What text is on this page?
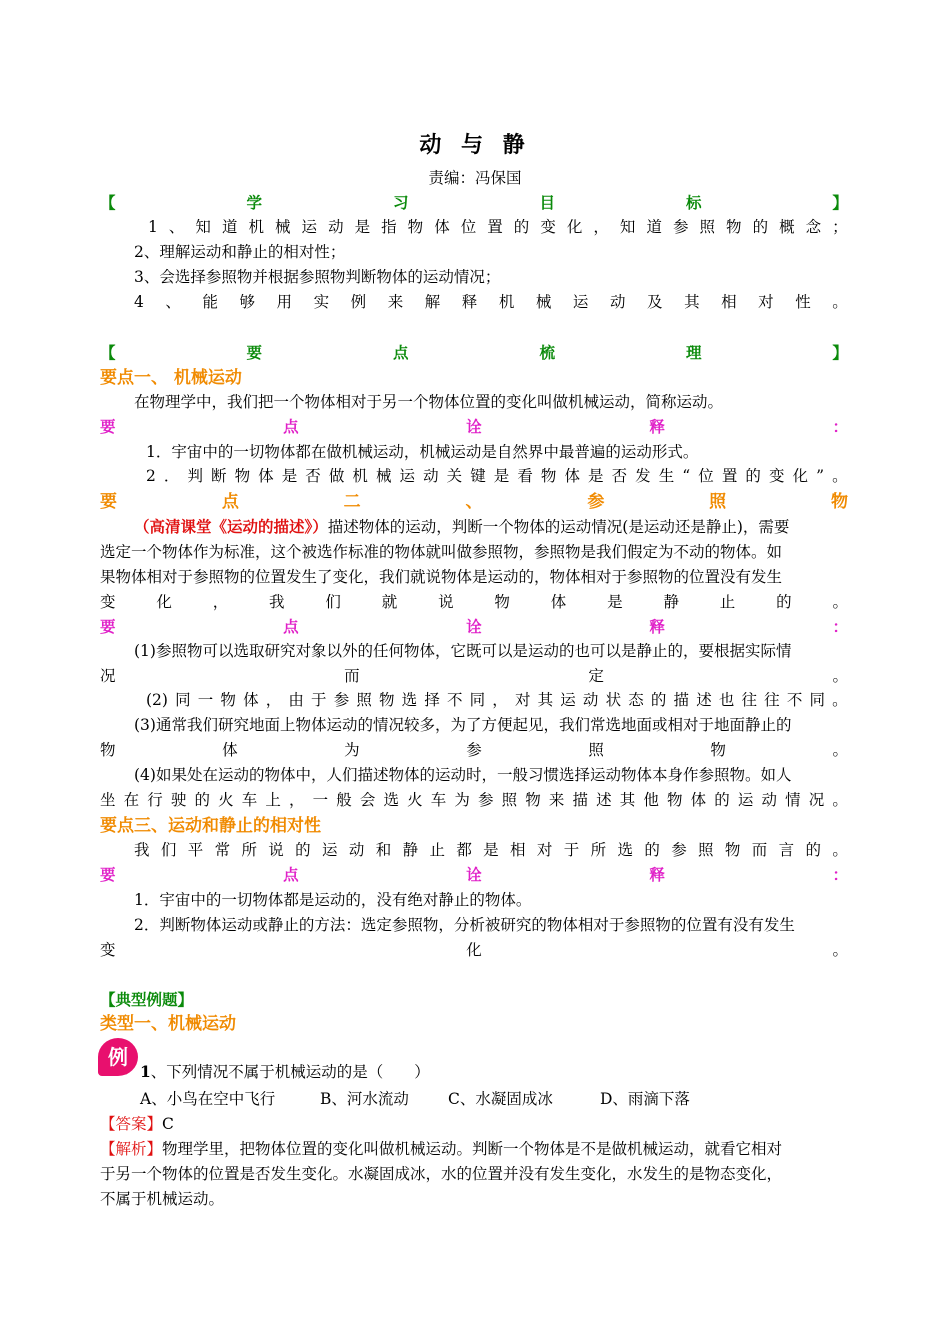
动 与 静
责编：冯保国
【	学	习	目	标	】
1 、 知 道 机 械 运 动 是 指 物 体 位 置 的 变 化 ， 知 道 参 照 物 的 概 念 ；
2、理解运动和静止的相对性；
3、会选择参照物并根据参照物判断物体的运动情况；
4 、 能 够 用 实 例 来 解 释 机 械 运 动 及 其 相 对 性 。
【	要	点	梳	理	】
要点一、 机械运动
在物理学中，我们把一个物体相对于另一个物体位置的变化叫做机械运动，简称运动。
要	点	诠	释	：
1．宇宙中的一切物体都在做机械运动，机械运动是自然界中最普遍的运动形式。
2 ． 判 断 物 体 是 否 做 机 械 运 动 关 键 是 看 物 体 是 否 发 生 “ 位 置 的 变 化 ” 。
要	点	二	、	参	照	物
（高清课堂《运动的描述》）描述物体的运动，判断一个物体的运动情况(是运动还是静止)，需要
选定一个物体作为标准，这个被选作标准的物体就叫做参照物，参照物是我们假定为不动的物体。如
果物体相对于参照物的位置发生了变化，我们就说物体是运动的，物体相对于参照物的位置没有发生
变	化	，	我	们	就	说	物	体	是	静	止	的	。
要	点	诠	释	：
(1)参照物可以选取研究对象以外的任何物体，它既可以是运动的也可以是静止的，要根据实际情
况	而	定	。
(2) 同 一 物 体 ， 由 于 参 照 物 选 择 不 同 ， 对 其 运 动 状 态 的 描 述 也 往 往 不 同 。
(3)通常我们研究地面上物体运动的情况较多，为了方便起见，我们常选地面或相对于地面静止的
物	体	为	参	照	物	。
(4)如果处在运动的物体中，人们描述物体的运动时，一般习惯选择运动物体本身作参照物。如人
坐 在 行 驶 的 火 车 上 ， 一 般 会 选 火 车 为 参 照 物 来 描 述 其 他 物 体 的 运 动 情 况 。
要点三、运动和静止的相对性
我 们 平 常 所 说 的 运 动 和 静 止 都 是 相 对 于 所 选 的 参 照 物 而 言 的 。
要	点	诠	释	：
1．宇宙中的一切物体都是运动的，没有绝对静止的物体。
2．判断物体运动或静止的方法：选定参照物，分析被研究的物体相对于参照物的位置有没有发生
变	化	。
【典型例题】
类型一、机械运动
例
1、下列情况不属于机械运动的是（　　）
A、小鸟在空中飞行	B、河水流动	C、水凝固成冰	D、雨滴下落
【答案】C
【解析】物理学里，把物体位置的变化叫做机械运动。判断一个物体是不是做机械运动，就看它相对
于另一个物体的位置是否发生变化。水凝固成冰，水的位置并没有发生变化，水发生的是物态变化，
不属于机械运动。
